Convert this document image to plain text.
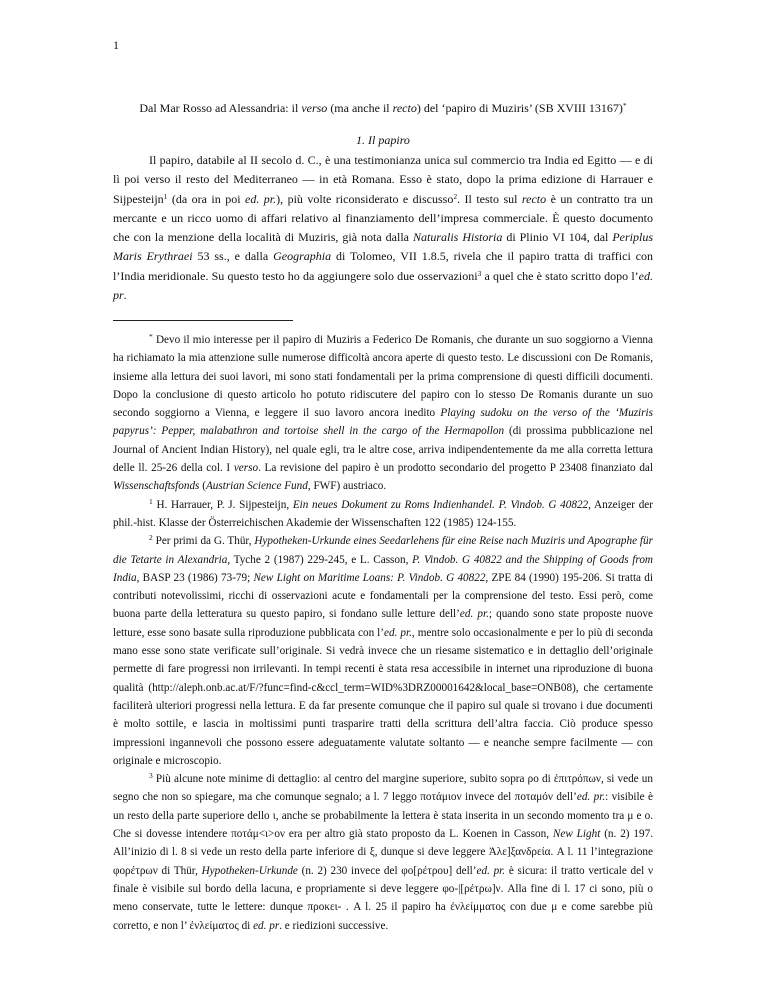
1
Dal Mar Rosso ad Alessandria: il verso (ma anche il recto) del ‘papiro di Muziris’ (SB XVIII 13167)*
1. Il papiro

Il papiro, databile al II secolo d. C., è una testimonianza unica sul commercio tra India ed Egitto — e di lì poi verso il resto del Mediterraneo — in età Romana. Esso è stato, dopo la prima edizione di Harrauer e Sijpesteijn$^1$ (da ora in poi ed. pr.), più volte riconsiderato e discusso$^2$. Il testo sul recto è un contratto tra un mercante e un ricco uomo di affari relativo al finanziamento dell’impresa commerciale. È questo documento che con la menzione della località di Muziris, già nota dalla Naturalis Historia di Plinio VI 104, dal Periplus Maris Erythraei 53 ss., e dalla Geographia di Tolomeo, VII 1.8.5, rivela che il papiro tratta di traffici con l’India meridionale. Su questo testo ho da aggiungere solo due osservazioni$^3$ a quel che è stato scritto dopo l’ed. pr.

* Devo il mio interesse per il papiro di Muziris a Federico De Romanis, che durante un suo soggiorno a Vienna ha richiamato la mia attenzione sulle numerose difficoltà ancora aperte di questo testo. Le discussioni con De Romanis, insieme alla lettura dei suoi lavori, mi sono stati fondamentali per la prima comprensione di questi difficili documenti. Dopo la conclusione di questo articolo ho potuto ridiscutere del papiro con lo stesso De Romanis durante un suo secondo soggiorno a Vienna, e leggere il suo lavoro ancora inedito Playing sudoku on the verso of the ‘Muziris papyrus’: Pepper, malabathron and tortoise shell in the cargo of the Hermapollon (di prossima pubblicazione nel Journal of Ancient Indian History), nel quale egli, tra le altre cose, arriva indipendentemente da me alla corretta lettura delle ll. 25-26 della col. I verso. La revisione del papiro è un prodotto secondario del progetto P 23408 finanziato dal Wissenschaftsfonds (Austrian Science Fund, FWF) austriaco.

$^1$ H. Harrauer, P. J. Sijpesteijn, Ein neues Dokument zu Roms Indienhandel. P. Vindob. G 40822, Anzeiger der phil.-hist. Klasse der Österreichischen Akademie der Wissenschaften 122 (1985) 124-155.

$^2$ Per primi da G. Thür, Hypotheken-Urkunde eines Seedarlehens für eine Reise nach Muziris und Apographe für die Tetarte in Alexandria, Tyche 2 (1987) 229-245, e L. Casson, P. Vindob. G 40822 and the Shipping of Goods from India, BASP 23 (1986) 73-79; New Light on Maritime Loans: P. Vindob. G 40822, ZPE 84 (1990) 195-206. Si tratta di contributi notevolissimi, ricchi di osservazioni acute e fondamentali per la comprensione del testo. Essi però, come buona parte della letteratura su questo papiro, si fondano sulle letture dell’ed. pr.; quando sono state proposte nuove letture, esse sono basate sulla riproduzione pubblicata con l’ed. pr., mentre solo occasionalmente e per lo più di seconda mano esse sono state verificate sull’originale. Si vedrà invece che un riesame sistematico e in dettaglio dell’originale permette di fare progressi non irrilevanti. In tempi recenti è stata resa accessibile in internet una riproduzione di buona qualità (http://aleph.onb.ac.at/F/?func=find-c&ccl_term=WID%3DRZ00001642&local_base=ONB08), che certamente faciliterà ulteriori progressi nella lettura. E da far presente comunque che il papiro sul quale si trovano i due documenti è molto sottile, e lascia in moltissimi punti trasparire tratti della scrittura dell’altra faccia. Ciò produce spesso impressioni ingannevoli che possono essere adeguatamente valutate soltanto — e neanche sempre facilmente — con originale e microscopio.

$^3$ Più alcune note minime di dettaglio: al centro del margine superiore, subito sopra ρο di ἐπιτρόπων, si vede un segno che non so spiegare, ma che comunque segnalo; a l. 7 leggo ποτάμιον invece del ποταμόν dell’ed. pr.: visibile è un resto della parte superiore dello ι, anche se probabilmente la lettera è stata inserita in un secondo momento tra μ e ο. Che si dovesse intendere ποτάμ<ι>ον era per altro già stato proposto da L. Koenen in Casson, New Light (n. 2) 197. All’inizio di l. 8 si vede un resto della parte inferiore di ξ, dunque si deve leggere Ἀλε]ξανδρεία. A l. 11 l’integrazione φορέτρων di Thür, Hypotheken-Urkunde (n. 2) 230 invece del φο[ρέτρου] dell’ed. pr. è sicura: il tratto verticale del ν finale è visibile sul bordo della lacuna, e propriamente si deve leggere φο-|[ρέτρω]ν. Alla fine di l. 17 ci sono, più o meno conservate, tutte le lettere: dunque προκει- . A l. 25 il papiro ha ἐνλείμματος con due μ e come sarebbe più corretto, e non l’ ἐνλείματος di ed. pr. e riedizioni successive.
